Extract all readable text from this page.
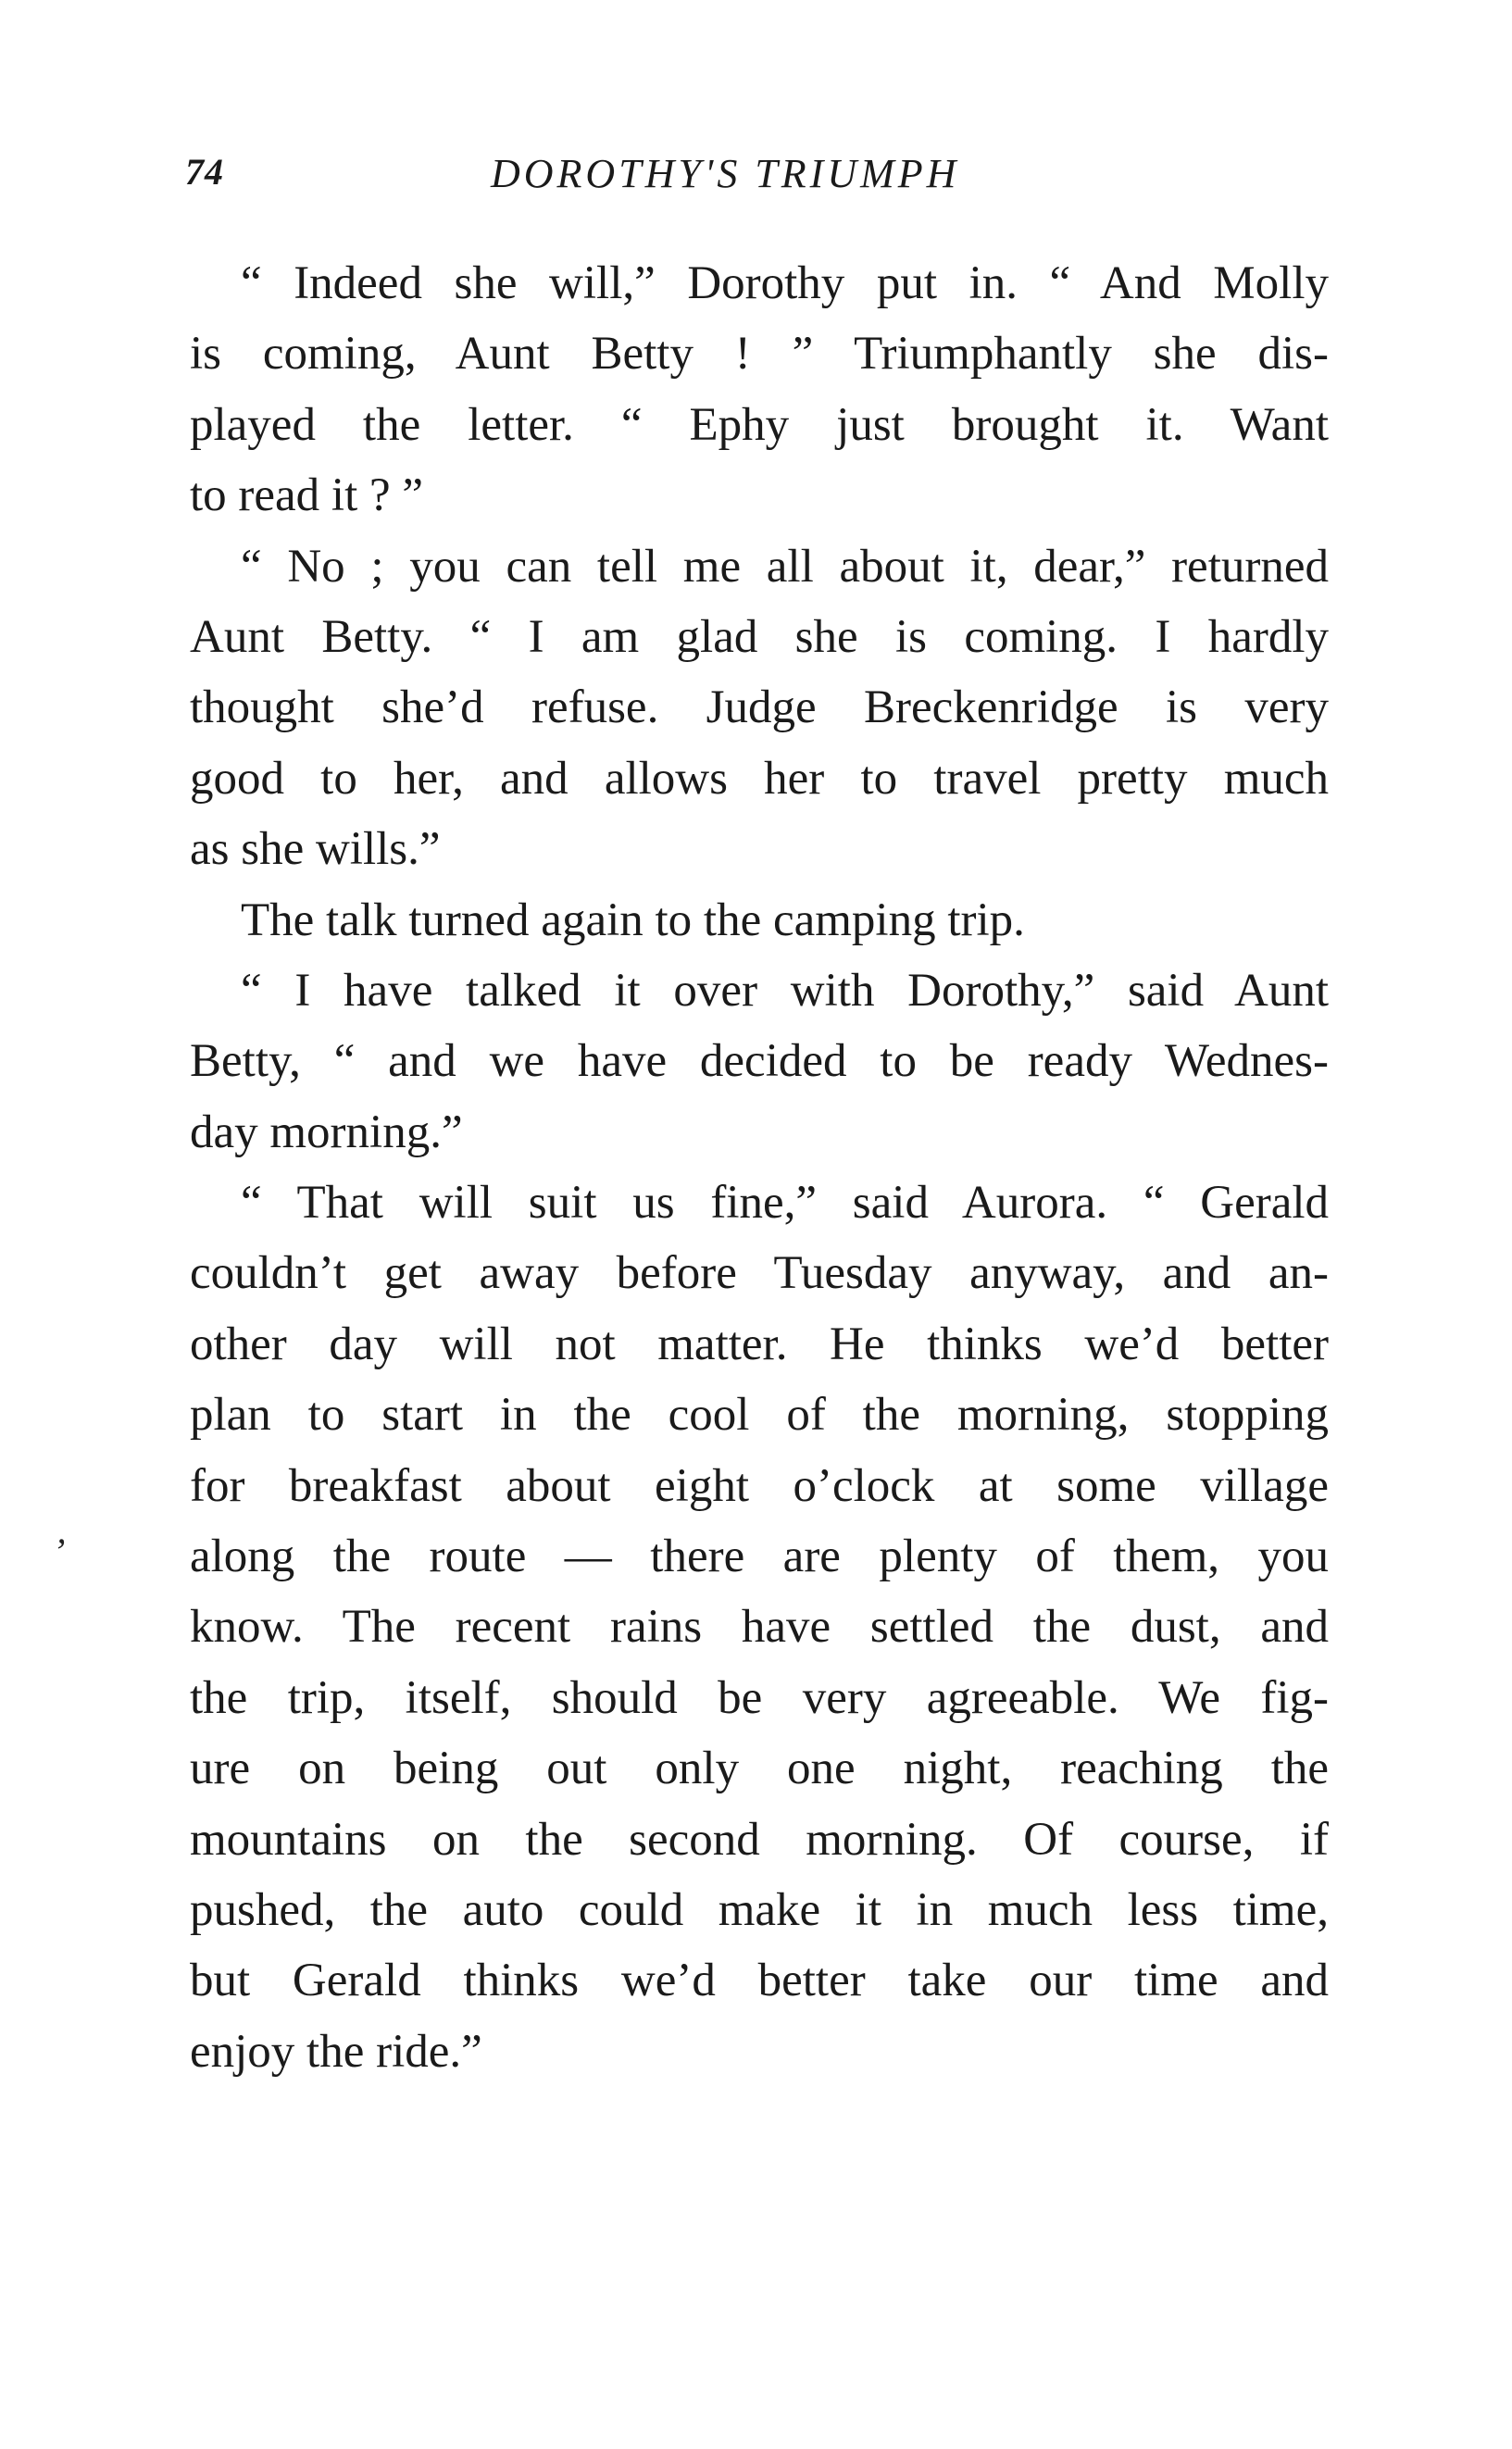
74	DOROTHY'S TRIUMPH
’
“ Indeed she will,” Dorothy put in. “ And Molly
is coming, Aunt Betty ! ” Triumphantly she dis-
played the letter. “ Ephy just brought it. Want
to read it ? ”
“ No ; you can tell me all about it, dear,” returned
Aunt Betty. “ I am glad she is coming. I hardly
thought she’d refuse. Judge Breckenridge is very
good to her, and allows her to travel pretty much
as she wills.”
The talk turned again to the camping trip.
“ I have talked it over with Dorothy,” said Aunt
Betty, “ and we have decided to be ready Wednes-
day morning.”
“ That will suit us fine,” said Aurora. “ Gerald
couldn’t get away before Tuesday anyway, and an-
other day will not matter. He thinks we’d better
plan to start in the cool of the morning, stopping
for breakfast about eight o’clock at some village
along the route — there are plenty of them, you
know. The recent rains have settled the dust, and
the trip, itself, should be very agreeable. We fig-
ure on being out only one night, reaching the
mountains on the second morning. Of course, if
pushed, the auto could make it in much less time,
but Gerald thinks we’d better take our time and
enjoy the ride.”
